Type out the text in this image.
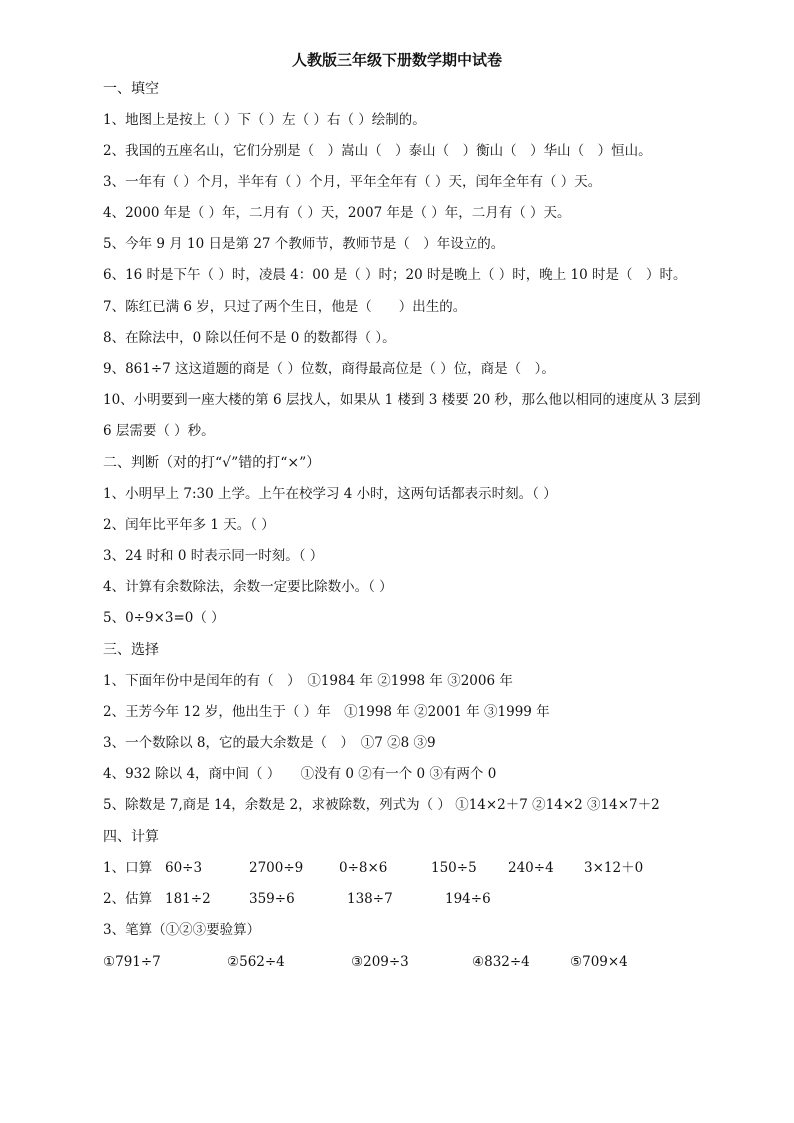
人教版三年级下册数学期中试卷
一、填空
1、地图上是按上（ ）下（ ）左（ ）右（ ）绘制的。
2、我国的五座名山，它们分别是（　）嵩山（　）泰山（　）衡山（　）华山（　）恒山。
3、一年有（ ）个月，半年有（ ）个月，平年全年有（ ）天，闰年全年有（ ）天。
4、2000 年是（ ）年，二月有（ ）天，2007 年是（ ）年，二月有（ ）天。
5、今年 9 月 10 日是第 27 个教师节，教师节是（　）年设立的。
6、16 时是下午（ ）时，凌晨 4：00 是（ ）时；20 时是晚上（ ）时，晚上 10 时是（　）时。
7、陈红已满 6 岁，只过了两个生日，他是（　　）出生的。
8、在除法中，0 除以任何不是 0 的数都得（ ）。
9、861÷7 这这道题的商是（ ）位数，商得最高位是（ ）位，商是（　）。
10、小明要到一座大楼的第 6 层找人，如果从 1 楼到 3 楼要 20 秒，那么他以相同的速度从 3 层到
6 层需要（ ）秒。
二、判断（对的打“√”错的打“×”）
1、小明早上 7:30 上学。上午在校学习 4 小时，这两句话都表示时刻。（ ）
2、闰年比平年多 1 天。（ ）
3、24 时和 0 时表示同一时刻。（ ）
4、计算有余数除法，余数一定要比除数小。（ ）
5、0÷9×3=0（ ）
三、选择
1、下面年份中是闰年的有（　）　①1984 年 ②1998 年 ③2006 年
2、王芳今年 12 岁，他出生于（ ）年　①1998 年 ②2001 年 ③1999 年
3、一个数除以 8，它的最大余数是（　）　①7 ②8 ③9
4、932 除以 4，商中间（ ）　　①没有 0 ②有一个 0 ③有两个 0
5、除数是 7,商是 14，余数是 2，求被除数，列式为（ ） ①14×2＋7 ②14×2 ③14×7＋2
四、计算
1、口算 60÷3	2700÷9	0÷8×6	150÷5 240÷4 3×12＋0
2、估算 181÷2	359÷6	138÷7	194÷6
3、笔算（①②③要验算）
①791÷7	②562÷4	③209÷3	④832÷4	⑤709×4
